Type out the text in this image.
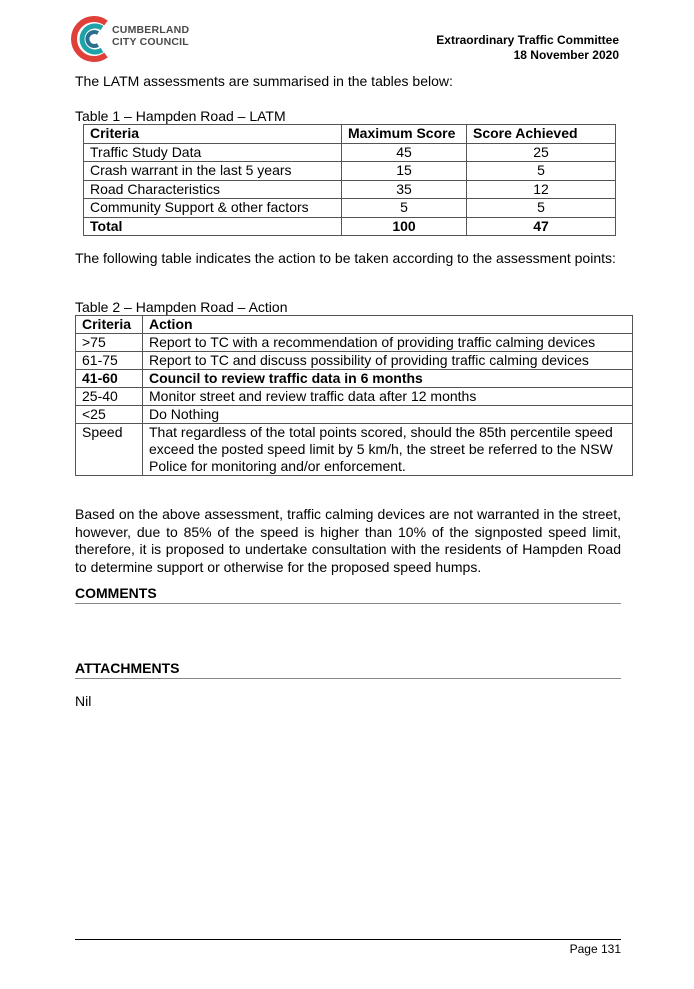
CUMBERLAND
CITY COUNCIL	Extraordinary Traffic Committee
18 November 2020
The LATM assessments are summarised in the tables below:
Table 1 – Hampden Road – LATM
Criteria	Maximum Score	Score Achieved
Traffic Study Data	45	25
Crash warrant in the last 5 years	15	5
Road Characteristics	35	12
Community Support & other factors	5	5
Total	100	47
The following table indicates the action to be taken according to the assessment points:
Table 2 – Hampden Road – Action
Criteria	Action
>75	Report to TC with a recommendation of providing traffic calming devices
61-75	Report to TC and discuss possibility of providing traffic calming devices
41-60	Council to review traffic data in 6 months
25-40	Monitor street and review traffic data after 12 months
<25	Do Nothing
Speed	That regardless of the total points scored, should the 85th percentile speed exceed the posted speed limit by 5 km/h, the street be referred to the NSW Police for monitoring and/or enforcement.
Based on the above assessment, traffic calming devices are not warranted in the street, however, due to 85% of the speed is higher than 10% of the signposted speed limit, therefore, it is proposed to undertake consultation with the residents of Hampden Road to determine support or otherwise for the proposed speed humps.
COMMENTS
ATTACHMENTS
Nil
Page 131
